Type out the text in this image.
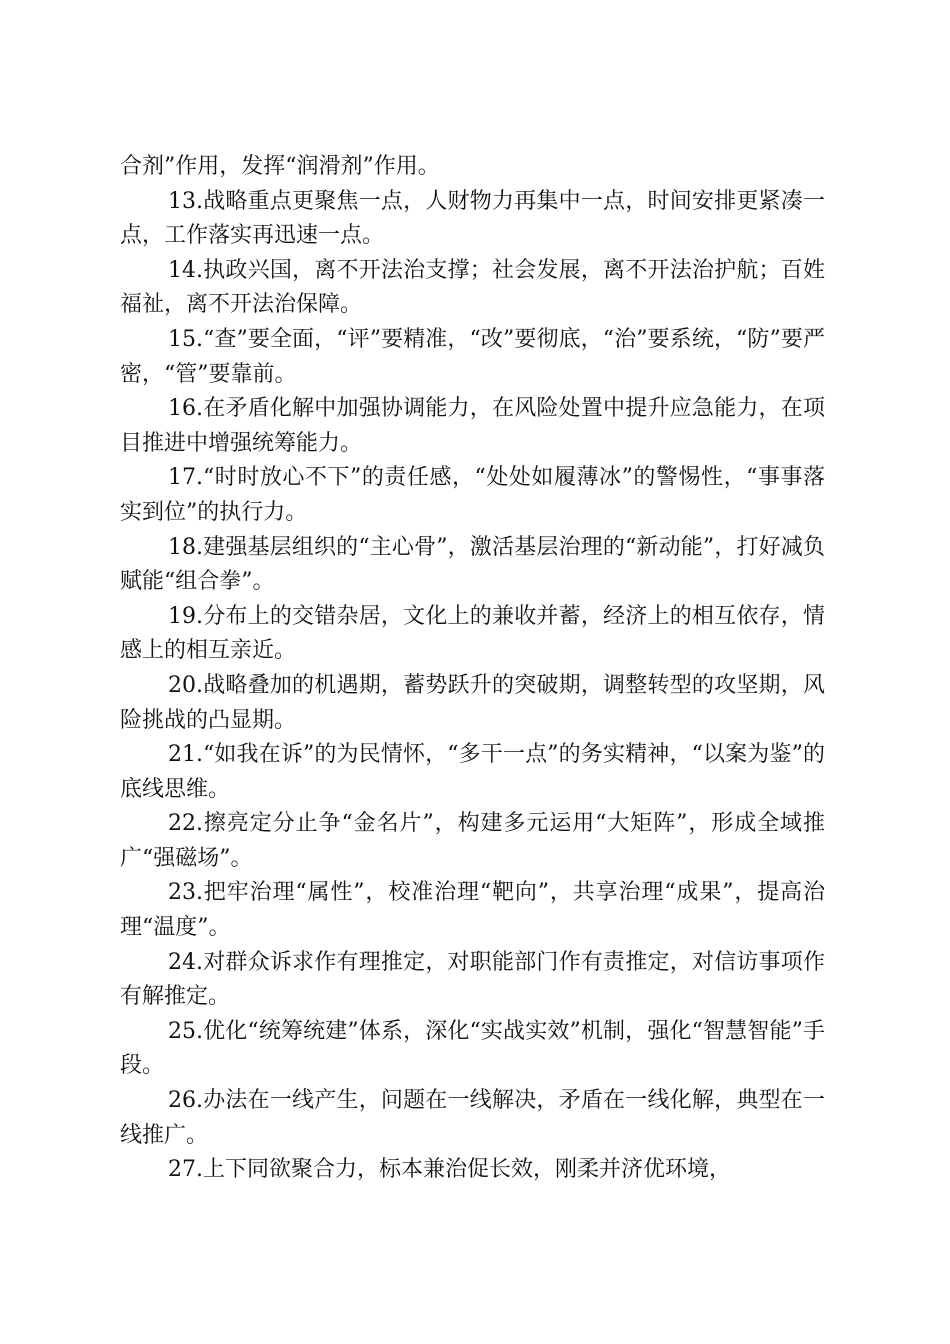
合剂”作用，发挥“润滑剂”作用。

13.战略重点更聚焦一点，人财物力再集中一点，时间安排更紧凑一点，工作落实再迅速一点。

14.执政兴国，离不开法治支撑；社会发展，离不开法治护航；百姓福祉，离不开法治保障。

15.“查”要全面，“评”要精准，“改”要彻底，“治”要系统，“防”要严密，“管”要靠前。

16.在矛盾化解中加强协调能力，在风险处置中提升应急能力，在项目推进中增强统筹能力。

17.“时时放心不下”的责任感，“处处如履薄冰”的警惕性，“事事落实到位”的执行力。

18.建强基层组织的“主心骨”，激活基层治理的“新动能”，打好减负赋能“组合拳”。

19.分布上的交错杂居，文化上的兼收并蓄，经济上的相互依存，情感上的相互亲近。

20.战略叠加的机遇期，蓄势跃升的突破期，调整转型的攻坚期，风险挑战的凸显期。

21.“如我在诉”的为民情怀，“多干一点”的务实精神，“以案为鉴”的底线思维。

22.擦亮定分止争“金名片”，构建多元运用“大矩阵”，形成全域推广“强磁场”。

23.把牢治理“属性”，校准治理“靶向”，共享治理“成果”，提高治理“温度”。

24.对群众诉求作有理推定，对职能部门作有责推定，对信访事项作有解推定。

25.优化“统筹统建”体系，深化“实战实效”机制，强化“智慧智能”手段。

26.办法在一线产生，问题在一线解决，矛盾在一线化解，典型在一线推广。

27.上下同欲聚合力，标本兼治促长效，刚柔并济优环境，
